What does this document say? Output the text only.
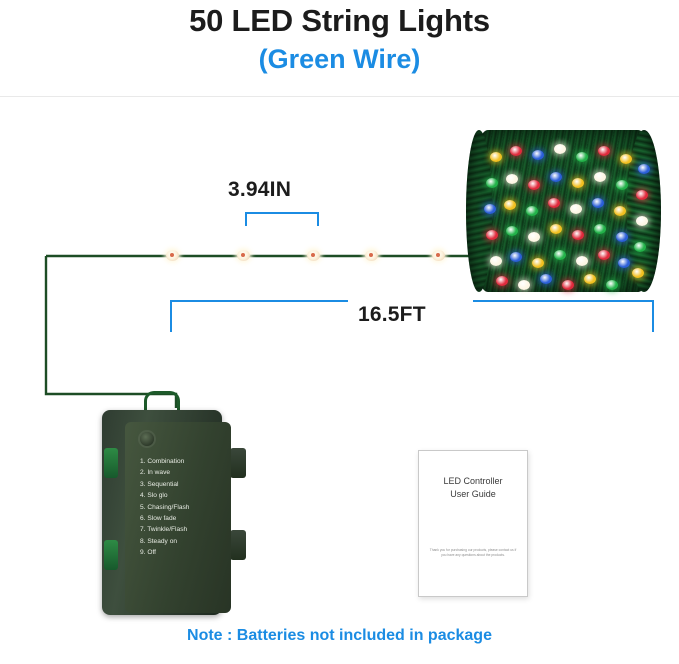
50 LED String Lights
(Green Wire)
3.94IN
16.5FT
1. Combination
2. In wave
3. Sequential
4. Slo glo
5. Chasing/Flash
6. Slow fade
7. Twinkle/Flash
8. Steady on
9. Off
LED Controller
User Guide
Thank you for purchasing our products, please contact us if you have any questions about the products.
Note : Batteries not included in package
